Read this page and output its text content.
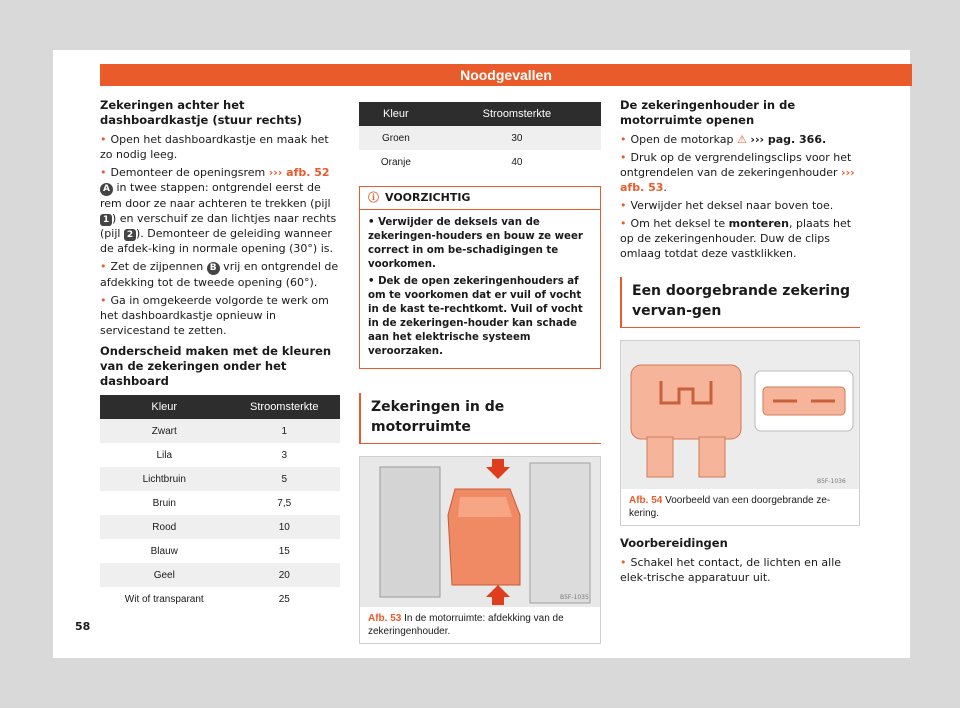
Noodgevallen
Zekeringen achter het dashboardkastje (stuur rechts)

• Open het dashboardkastje en maak het zo nodig leeg.

• Demonteer de openingsrem ››› afb. 52 A in twee stappen: ontgrendel eerst de rem door ze naar achteren te trekken (pijl 1 ) en verschuif ze dan lichtjes naar rechts (pijl 2 ). Demonteer de geleiding wanneer de afdek-king in normale opening (30°) is.

• Zet de zijpennen B vrij en ontgrendel de afdekking tot de tweede opening (60°).

• Ga in omgekeerde volgorde te werk om het dashboardkastje opnieuw in servicestand te zetten.

Onderscheid maken met de kleuren van de zekeringen onder het dashboard
Kleur	Stroomsterkte
Zwart	1
Lila	3
Lichtbruin	5
Bruin	7,5
Rood	10
Blauw	15
Geel	20
Wit of transparant	25
Kleur	Stroomsterkte
Groen	30
Oranje	40
ⓘ VOORZICHTIG

• Verwijder de deksels van de zekeringen-houders en bouw ze weer correct in om be-schadigingen te voorkomen.

• Dek de open zekeringenhouders af om te voorkomen dat er vuil of vocht in de kast te-rechtkomt. Vuil of vocht in de zekeringen-houder kan schade aan het elektrische systeem veroorzaken.

Zekeringen in de motorruimte
B5F-1035
Afb. 53 In de motorruimte: afdekking van de zekeringenhouder.
De zekeringenhouder in de motorruimte openen

• Open de motorkap ⚠ ››› pag. 366.

• Druk op de vergrendelingsclips voor het ontgrendelen van de zekeringenhouder ››› afb. 53.

• Verwijder het deksel naar boven toe.

• Om het deksel te monteren, plaats het op de zekeringenhouder. Duw de clips omlaag totdat deze vastklikken.

Een doorgebrande zekering vervan-gen
B5F-1036
Afb. 54 Voorbeeld van een doorgebrande ze-kering.
Voorbereidingen

• Schakel het contact, de lichten en alle elek-trische apparatuur uit.

58
